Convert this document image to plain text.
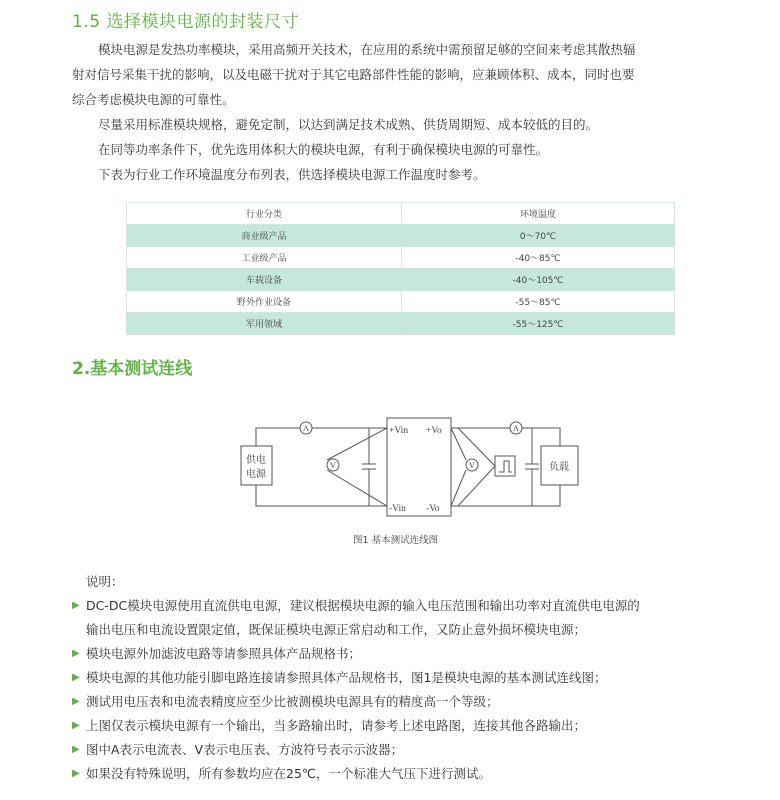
1.5 选择模块电源的封装尺寸
模块电源是发热功率模块，采用高频开关技术，在应用的系统中需预留足够的空间来考虑其散热辐
射对信号采集干扰的影响，以及电磁干扰对于其它电路部件性能的影响，应兼顾体积、成本，同时也要
综合考虑模块电源的可靠性。
尽量采用标准模块规格，避免定制，以达到满足技术成熟、供货周期短、成本较低的目的。
在同等功率条件下，优先选用体积大的模块电源，有利于确保模块电源的可靠性。
下表为行业工作环境温度分布列表，供选择模块电源工作温度时参考。
行业分类	环境温度
商业级产品	0～70℃
工业级产品	-40～85℃
车载设备	-40～105℃
野外作业设备	-55～85℃
军用领域	-55～125℃
2.基本测试连线
A
V	V
A
+Vin
-Vin
+Vo
-Vo
供电
电源
负载
图1 基本测试连线图
说明：
▶ DC-DC模块电源使用直流供电电源，建议根据模块电源的输入电压范围和输出功率对直流供电电源的
输出电压和电流设置限定值，既保证模块电源正常启动和工作，又防止意外损坏模块电源；
▶ 模块电源外加滤波电路等请参照具体产品规格书；
▶ 模块电源的其他功能引脚电路连接请参照具体产品规格书，图1是模块电源的基本测试连线图；
▶ 测试用电压表和电流表精度应至少比被测模块电源具有的精度高一个等级；
▶ 上图仅表示模块电源有一个输出，当多路输出时，请参考上述电路图，连接其他各路输出；
▶ 图中A表示电流表、V表示电压表、方波符号表示示波器；
▶ 如果没有特殊说明，所有参数均应在25℃，一个标准大气压下进行测试。
